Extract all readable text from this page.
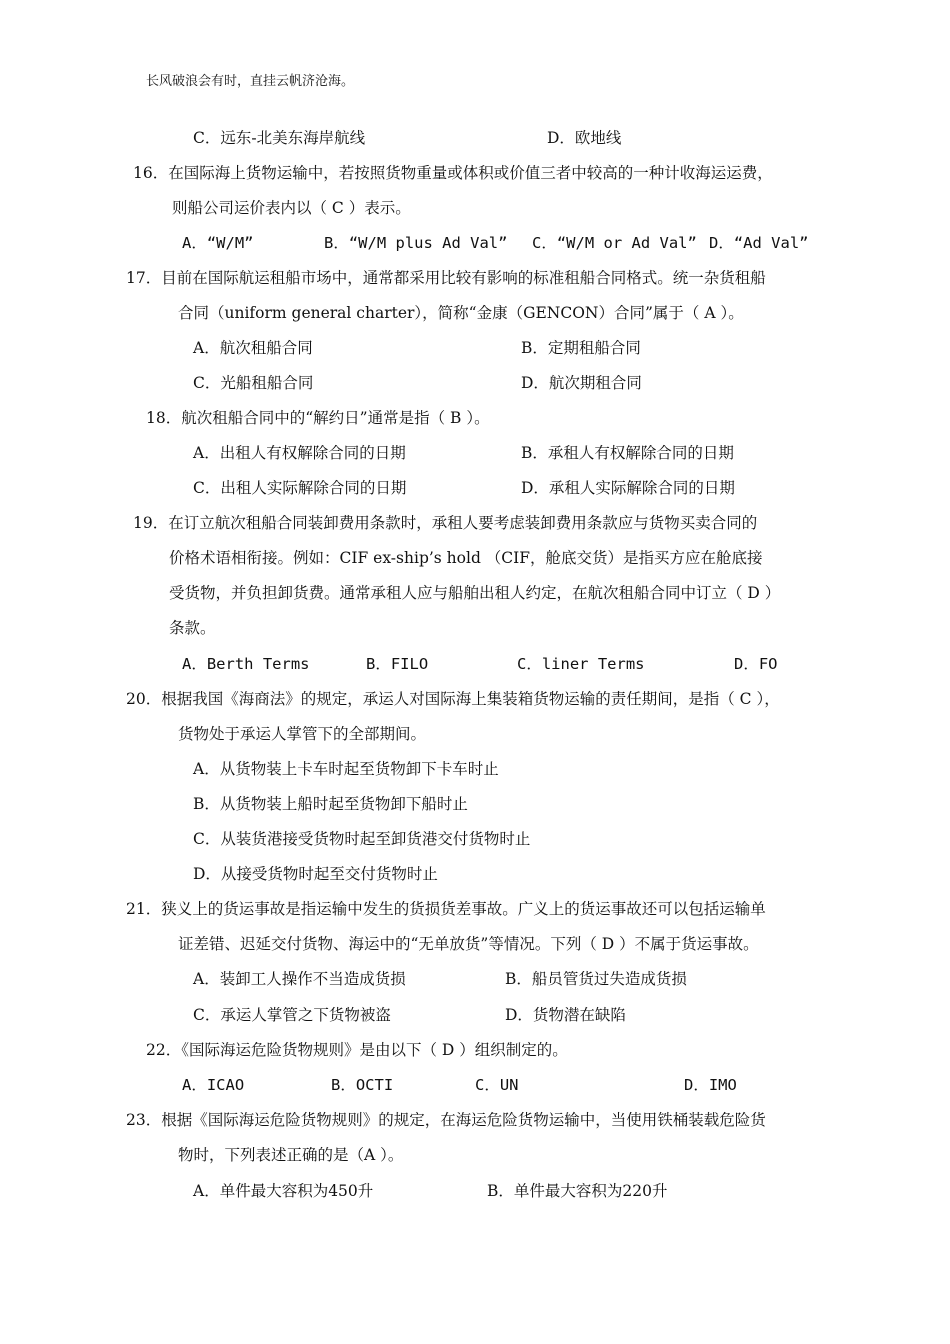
长风破浪会有时，直挂云帆济沧海。
C．远东-北美东海岸航线	D．欧地线
16．在国际海上货物运输中，若按照货物重量或体积或价值三者中较高的一种计收海运运费，
则船公司运价表内以（ C ）表示。
A．“W/M”	B．“W/M plus Ad Val” C．“W/M or Ad Val” D．“Ad Val”
17．目前在国际航运租船市场中，通常都采用比较有影响的标准租船合同格式。统一杂货租船
合同（uniform general charter），简称“金康（GENCON）合同”属于（ A ）。
A．航次租船合同	B．定期租船合同
C．光船租船合同	D．航次期租合同
18．航次租船合同中的“解约日”通常是指（ B ）。
A．出租人有权解除合同的日期	B．承租人有权解除合同的日期
C．出租人实际解除合同的日期	D．承租人实际解除合同的日期
19．在订立航次租船合同装卸费用条款时，承租人要考虑装卸费用条款应与货物买卖合同的
价格术语相衔接。例如：CIF ex-ship’s hold （CIF，舱底交货）是指买方应在舱底接
受货物，并负担卸货费。通常承租人应与船舶出租人约定，在航次租船合同中订立（ D ）
条款。
A．Berth Terms	B．FILO	C．liner Terms	D．FO
20．根据我国《海商法》的规定，承运人对国际海上集装箱货物运输的责任期间，是指（ C ），
货物处于承运人掌管下的全部期间。
A．从货物装上卡车时起至货物卸下卡车时止
B．从货物装上船时起至货物卸下船时止
C．从装货港接受货物时起至卸货港交付货物时止
D．从接受货物时起至交付货物时止
21．狭义上的货运事故是指运输中发生的货损货差事故。广义上的货运事故还可以包括运输单
证差错、迟延交付货物、海运中的“无单放货”等情况。下列（ D ）不属于货运事故。
A．装卸工人操作不当造成货损	B．船员管货过失造成货损
C．承运人掌管之下货物被盗	D．货物潜在缺陷
22．《国际海运危险货物规则》是由以下（ D ）组织制定的。
A．ICAO	B．OCTI	C．UN	D．IMO
23．根据《国际海运危险货物规则》的规定，在海运危险货物运输中，当使用铁桶装载危险货
物时，下列表述正确的是（A ）。
A．单件最大容积为450升	B．单件最大容积为220升
